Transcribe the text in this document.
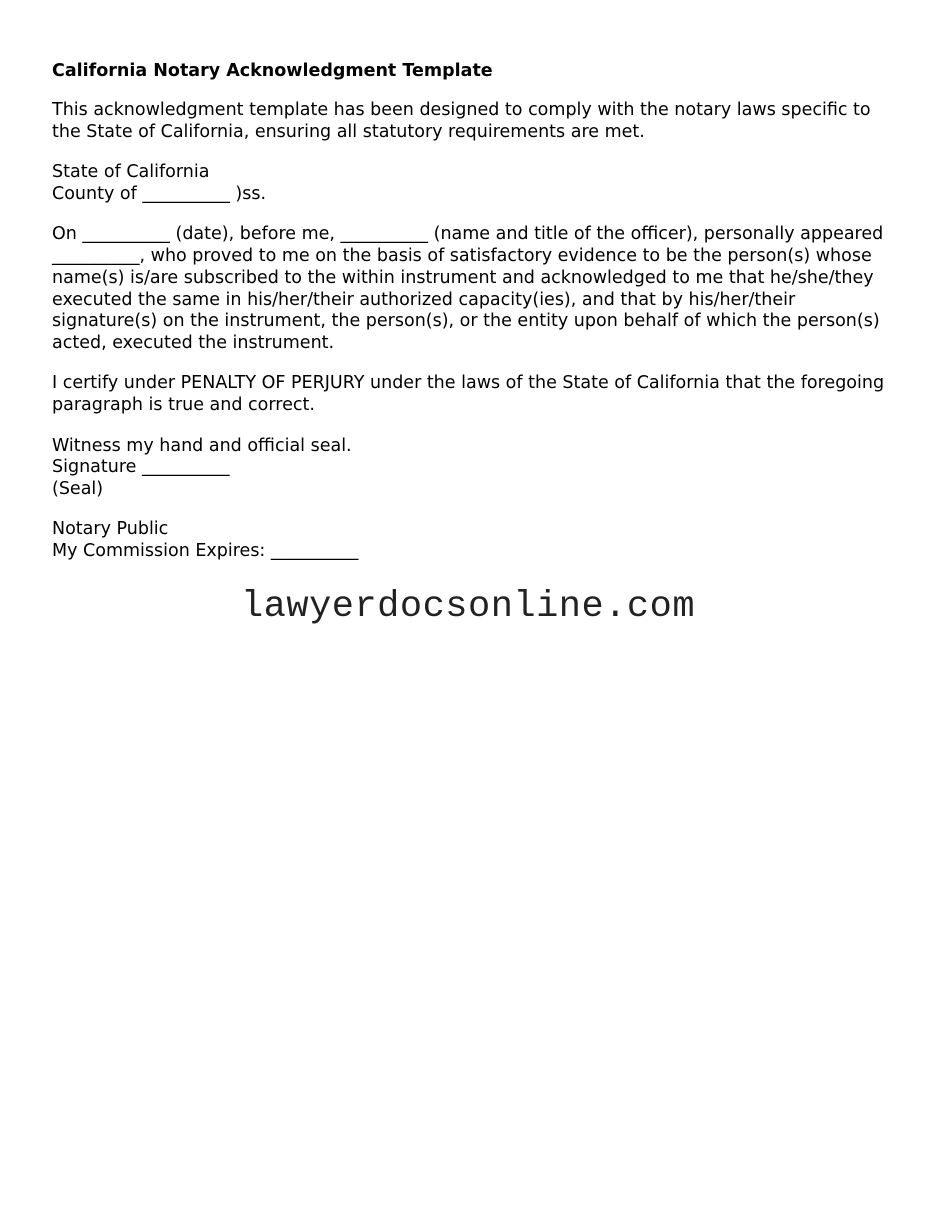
California Notary Acknowledgment Template

This acknowledgment template has been designed to comply with the notary laws specific to the State of California, ensuring all statutory requirements are met.

State of California
County of __________ )ss.

On __________ (date), before me, __________ (name and title of the officer), personally appeared __________, who proved to me on the basis of satisfactory evidence to be the person(s) whose name(s) is/are subscribed to the within instrument and acknowledged to me that he/she/they executed the same in his/her/their authorized capacity(ies), and that by his/her/their signature(s) on the instrument, the person(s), or the entity upon behalf of which the person(s) acted, executed the instrument.

I certify under PENALTY OF PERJURY under the laws of the State of California that the foregoing paragraph is true and correct.

Witness my hand and official seal.
Signature __________
(Seal)

Notary Public
My Commission Expires: __________

lawyerdocsonline.com
